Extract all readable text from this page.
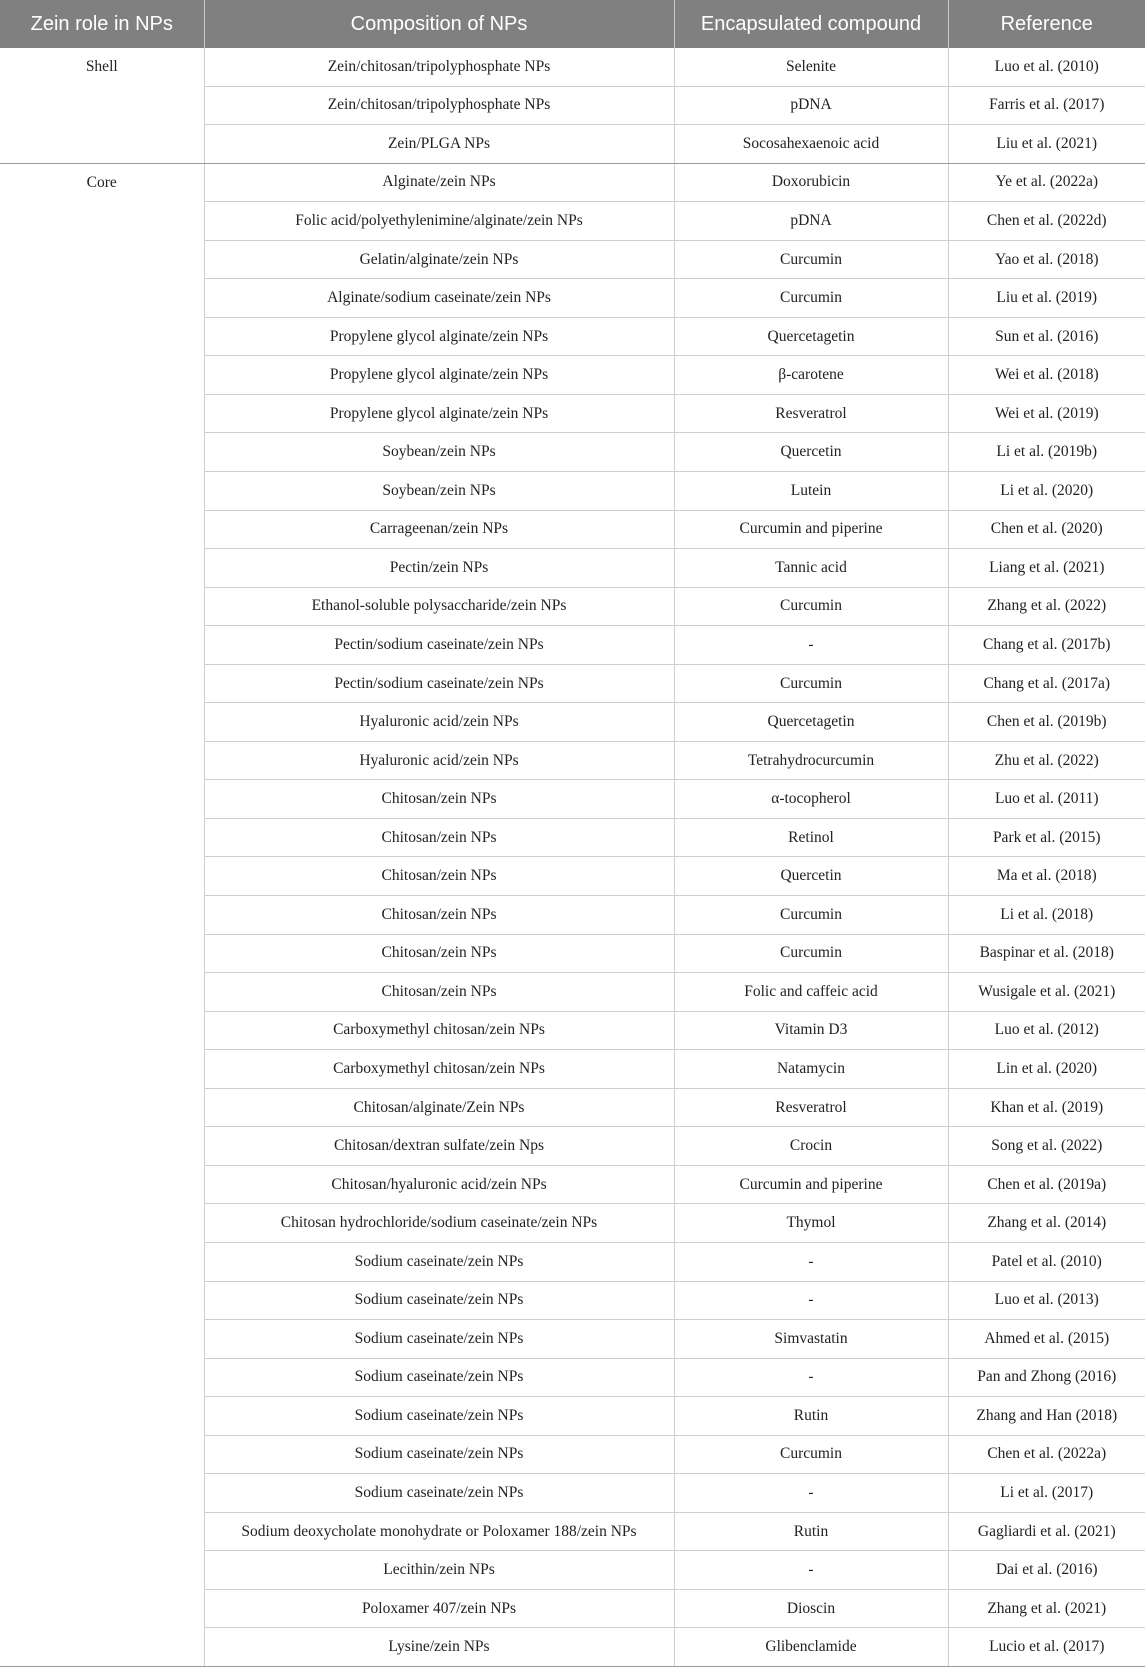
Zein role in NPs	Composition of NPs	Encapsulated compound	Reference
Shell	Zein/chitosan/tripolyphosphate NPs	Selenite	Luo et al. (2010)
	Zein/chitosan/tripolyphosphate NPs	pDNA	Farris et al. (2017)
	Zein/PLGA NPs	Socosahexaenoic acid	Liu et al. (2021)
Core	Alginate/zein NPs	Doxorubicin	Ye et al. (2022a)
	Folic acid/polyethylenimine/alginate/zein NPs	pDNA	Chen et al. (2022d)
	Gelatin/alginate/zein NPs	Curcumin	Yao et al. (2018)
	Alginate/sodium caseinate/zein NPs	Curcumin	Liu et al. (2019)
	Propylene glycol alginate/zein NPs	Quercetagetin	Sun et al. (2016)
	Propylene glycol alginate/zein NPs	β-carotene	Wei et al. (2018)
	Propylene glycol alginate/zein NPs	Resveratrol	Wei et al. (2019)
	Soybean/zein NPs	Quercetin	Li et al. (2019b)
	Soybean/zein NPs	Lutein	Li et al. (2020)
	Carrageenan/zein NPs	Curcumin and piperine	Chen et al. (2020)
	Pectin/zein NPs	Tannic acid	Liang et al. (2021)
	Ethanol-soluble polysaccharide/zein NPs	Curcumin	Zhang et al. (2022)
	Pectin/sodium caseinate/zein NPs	-	Chang et al. (2017b)
	Pectin/sodium caseinate/zein NPs	Curcumin	Chang et al. (2017a)
	Hyaluronic acid/zein NPs	Quercetagetin	Chen et al. (2019b)
	Hyaluronic acid/zein NPs	Tetrahydrocurcumin	Zhu et al. (2022)
	Chitosan/zein NPs	α-tocopherol	Luo et al. (2011)
	Chitosan/zein NPs	Retinol	Park et al. (2015)
	Chitosan/zein NPs	Quercetin	Ma et al. (2018)
	Chitosan/zein NPs	Curcumin	Li et al. (2018)
	Chitosan/zein NPs	Curcumin	Baspinar et al. (2018)
	Chitosan/zein NPs	Folic and caffeic acid	Wusigale et al. (2021)
	Carboxymethyl chitosan/zein NPs	Vitamin D3	Luo et al. (2012)
	Carboxymethyl chitosan/zein NPs	Natamycin	Lin et al. (2020)
	Chitosan/alginate/Zein NPs	Resveratrol	Khan et al. (2019)
	Chitosan/dextran sulfate/zein Nps	Crocin	Song et al. (2022)
	Chitosan/hyaluronic acid/zein NPs	Curcumin and piperine	Chen et al. (2019a)
	Chitosan hydrochloride/sodium caseinate/zein NPs	Thymol	Zhang et al. (2014)
	Sodium caseinate/zein NPs	-	Patel et al. (2010)
	Sodium caseinate/zein NPs	-	Luo et al. (2013)
	Sodium caseinate/zein NPs	Simvastatin	Ahmed et al. (2015)
	Sodium caseinate/zein NPs	-	Pan and Zhong (2016)
	Sodium caseinate/zein NPs	Rutin	Zhang and Han (2018)
	Sodium caseinate/zein NPs	Curcumin	Chen et al. (2022a)
	Sodium caseinate/zein NPs	-	Li et al. (2017)
	Sodium deoxycholate monohydrate or Poloxamer 188/zein NPs	Rutin	Gagliardi et al. (2021)
	Lecithin/zein NPs	-	Dai et al. (2016)
	Poloxamer 407/zein NPs	Dioscin	Zhang et al. (2021)
	Lysine/zein NPs	Glibenclamide	Lucio et al. (2017)
